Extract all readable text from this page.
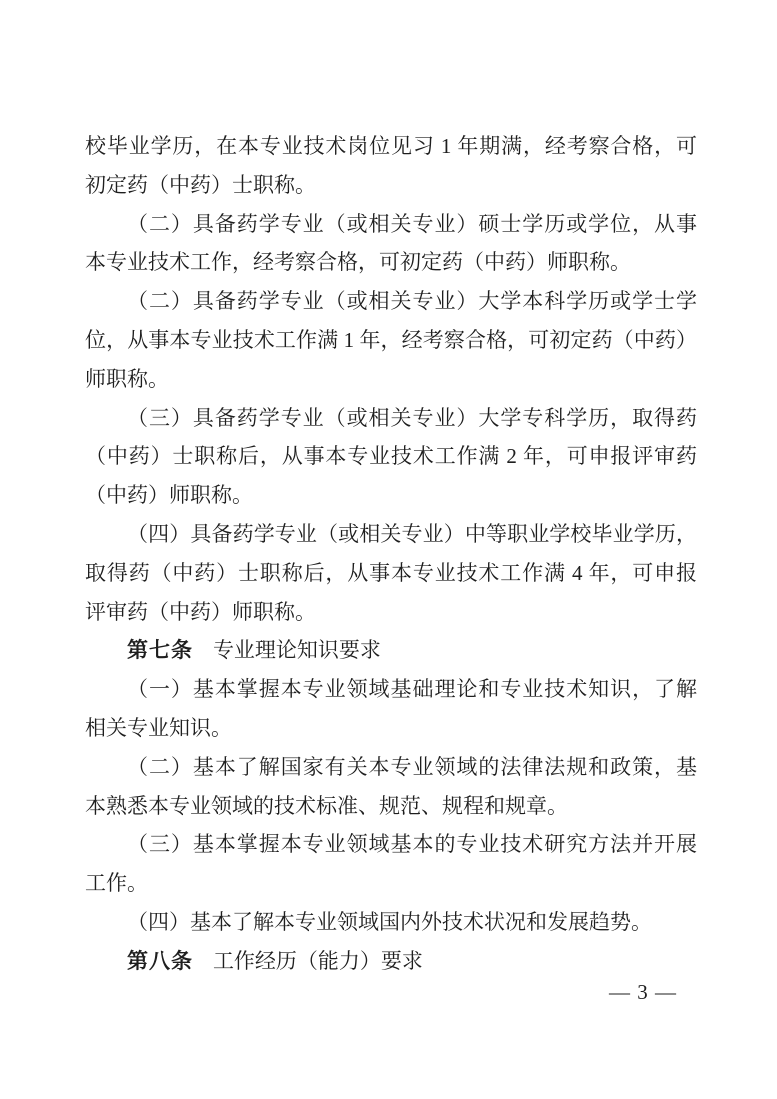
校毕业学历，在本专业技术岗位见习 1 年期满，经考察合格，可
初定药（中药）士职称。
（二）具备药学专业（或相关专业）硕士学历或学位，从事
本专业技术工作，经考察合格，可初定药（中药）师职称。
（二）具备药学专业（或相关专业）大学本科学历或学士学
位，从事本专业技术工作满 1 年，经考察合格，可初定药（中药）
师职称。
（三）具备药学专业（或相关专业）大学专科学历，取得药
（中药）士职称后，从事本专业技术工作满 2 年，可申报评审药
（中药）师职称。
（四）具备药学专业（或相关专业）中等职业学校毕业学历，
取得药（中药）士职称后，从事本专业技术工作满 4 年，可申报
评审药（中药）师职称。
第七条 专业理论知识要求
（一）基本掌握本专业领域基础理论和专业技术知识，了解
相关专业知识。
（二）基本了解国家有关本专业领域的法律法规和政策，基
本熟悉本专业领域的技术标准、规范、规程和规章。
（三）基本掌握本专业领域基本的专业技术研究方法并开展
工作。
（四）基本了解本专业领域国内外技术状况和发展趋势。
第八条 工作经历（能力）要求
— 3 —
